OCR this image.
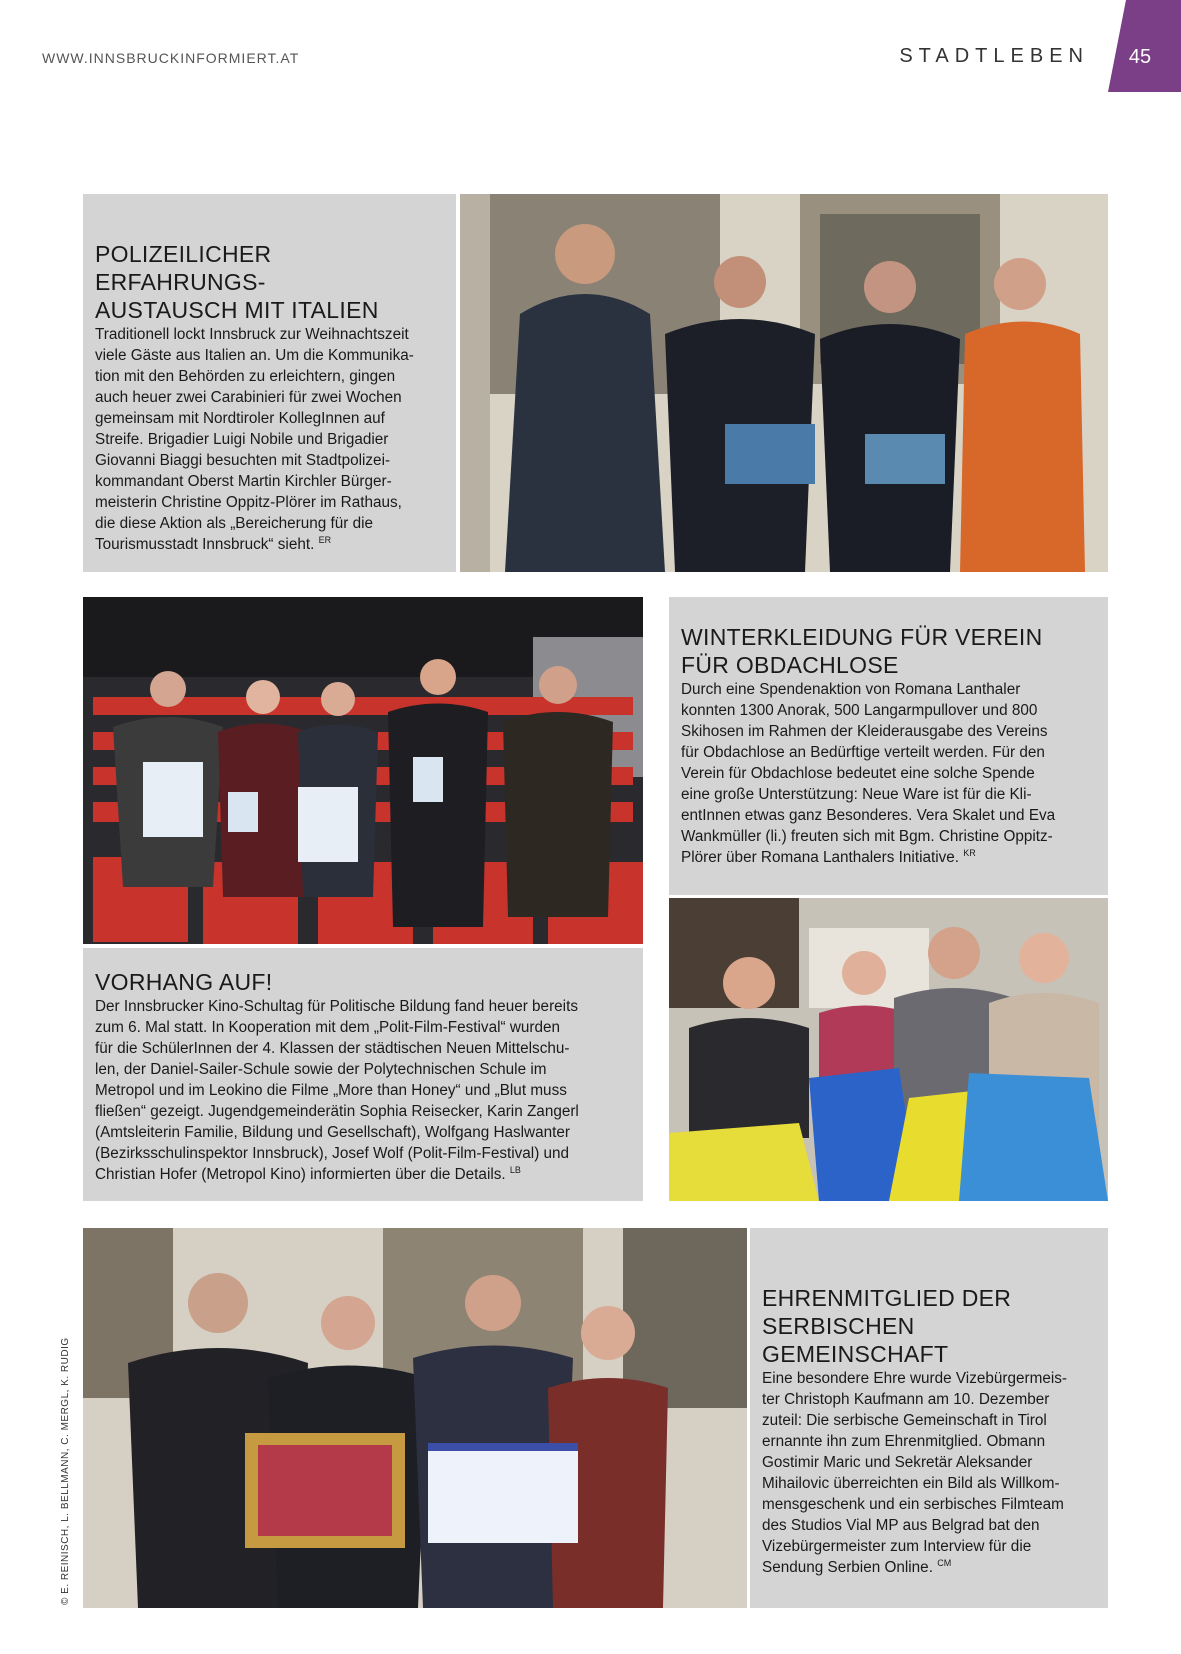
WWW.INNSBRUCKINFORMIERT.AT	STADTLEBEN	45
POLIZEILICHER ERFAHRUNGS-
AUSTAUSCH MIT ITALIEN

Traditionell lockt Innsbruck zur Weihnachtszeit
viele Gäste aus Italien an. Um die Kommunika-
tion mit den Behörden zu erleichtern, gingen
auch heuer zwei Carabinieri für zwei Wochen
gemeinsam mit Nordtiroler KollegInnen auf
Streife. Brigadier Luigi Nobile und Brigadier
Giovanni Biaggi besuchten mit Stadtpolizei-
kommandant Oberst Martin Kirchler Bürger-
meisterin Christine Oppitz-Plörer im Rathaus,
die diese Aktion als „Bereicherung für die
Tourismusstadt Innsbruck“ sieht. $^{ER}$

WINTERKLEIDUNG FÜR VEREIN
FÜR OBDACHLOSE

Durch eine Spendenaktion von Romana Lanthaler
konnten 1300 Anorak, 500 Langarmpullover und 800
Skihosen im Rahmen der Kleiderausgabe des Vereins
für Obdachlose an Bedürftige verteilt werden. Für den
Verein für Obdachlose bedeutet eine solche Spende
eine große Unterstützung: Neue Ware ist für die Kli-
entInnen etwas ganz Besonderes. Vera Skalet und Eva
Wankmüller (li.) freuten sich mit Bgm. Christine Oppitz-
Plörer über Romana Lanthalers Initiative. $^{KR}$

VORHANG AUF!

Der Innsbrucker Kino-Schultag für Politische Bildung fand heuer bereits
zum 6. Mal statt. In Kooperation mit dem „Polit-Film-Festival“ wurden
für die SchülerInnen der 4. Klassen der städtischen Neuen Mittelschu-
len, der Daniel-Sailer-Schule sowie der Polytechnischen Schule im
Metropol und im Leokino die Filme „More than Honey“ und „Blut muss
fließen“ gezeigt. Jugendgemeinderätin Sophia Reisecker, Karin Zangerl
(Amtsleiterin Familie, Bildung und Gesellschaft), Wolfgang Haslwanter
(Bezirksschulinspektor Innsbruck), Josef Wolf (Polit-Film-Festival) und
Christian Hofer (Metropol Kino) informierten über die Details. $^{LB}$

EHRENMITGLIED DER
SERBISCHEN GEMEINSCHAFT

Eine besondere Ehre wurde Vizebürgermeis-
ter Christoph Kaufmann am 10. Dezember
zuteil: Die serbische Gemeinschaft in Tirol
ernannte ihn zum Ehrenmitglied. Obmann
Gostimir Maric und Sekretär Aleksander
Mihailovic überreichten ein Bild als Willkom-
mensgeschenk und ein serbisches Filmteam
des Studios Vial MP aus Belgrad bat den
Vizebürgermeister zum Interview für die
Sendung Serbien Online. $^{CM}$

© E. REINISCH, L. BELLMANN, C. MERGL, K. RUDIG
